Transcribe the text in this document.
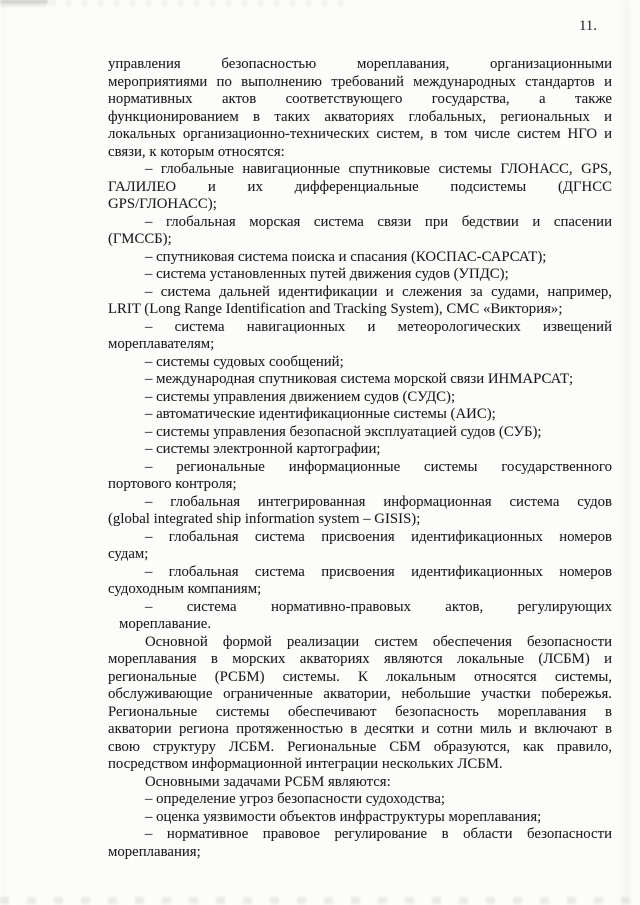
11.
управления безопасностью мореплавания, организационными
мероприятиями по выполнению требований международных стандартов и
нормативных актов соответствующего государства, а также
функционированием в таких акваториях глобальных, региональных и
локальных организационно-технических систем, в том числе систем НГО и
связи, к которым относятся:
– глобальные навигационные спутниковые системы ГЛОНАСС, GPS,
ГАЛИЛЕО и их дифференциальные подсистемы (ДГНСС
GPS/ГЛОНАСС);
– глобальная морская система связи при бедствии и спасении
(ГМССБ);
– спутниковая система поиска и спасания (КОСПАС-САРСАТ);
– система установленных путей движения судов (УПДС);
– система дальней идентификации и слежения за судами, например,
LRIT (Long Range Identification and Tracking System), СМС «Виктория»;
– система навигационных и метеорологических извещений
мореплавателям;
– системы судовых сообщений;
– международная спутниковая система морской связи ИНМАРСАТ;
– системы управления движением судов (СУДС);
– автоматические идентификационные системы (АИС);
– системы управления безопасной эксплуатацией судов (СУБ);
– системы электронной картографии;
– региональные информационные системы государственного
портового контроля;
– глобальная интегрированная информационная система судов
(global integrated ship information system – GISIS);
– глобальная система присвоения идентификационных номеров
судам;
– глобальная система присвоения идентификационных номеров
судоходным компаниям;
– система нормативно-правовых актов, регулирующих
мореплавание.
Основной формой реализации систем обеспечения безопасности
мореплавания в морских акваториях являются локальные (ЛСБМ) и
региональные (РСБМ) системы. К локальным относятся системы,
обслуживающие ограниченные акватории, небольшие участки побережья.
Региональные системы обеспечивают безопасность мореплавания в
акватории региона протяженностью в десятки и сотни миль и включают в
свою структуру ЛСБМ. Региональные СБМ образуются, как правило,
посредством информационной интеграции нескольких ЛСБМ.
Основными задачами РСБМ являются:
– определение угроз безопасности судоходства;
– оценка уязвимости объектов инфраструктуры мореплавания;
– нормативное правовое регулирование в области безопасности
мореплавания;
